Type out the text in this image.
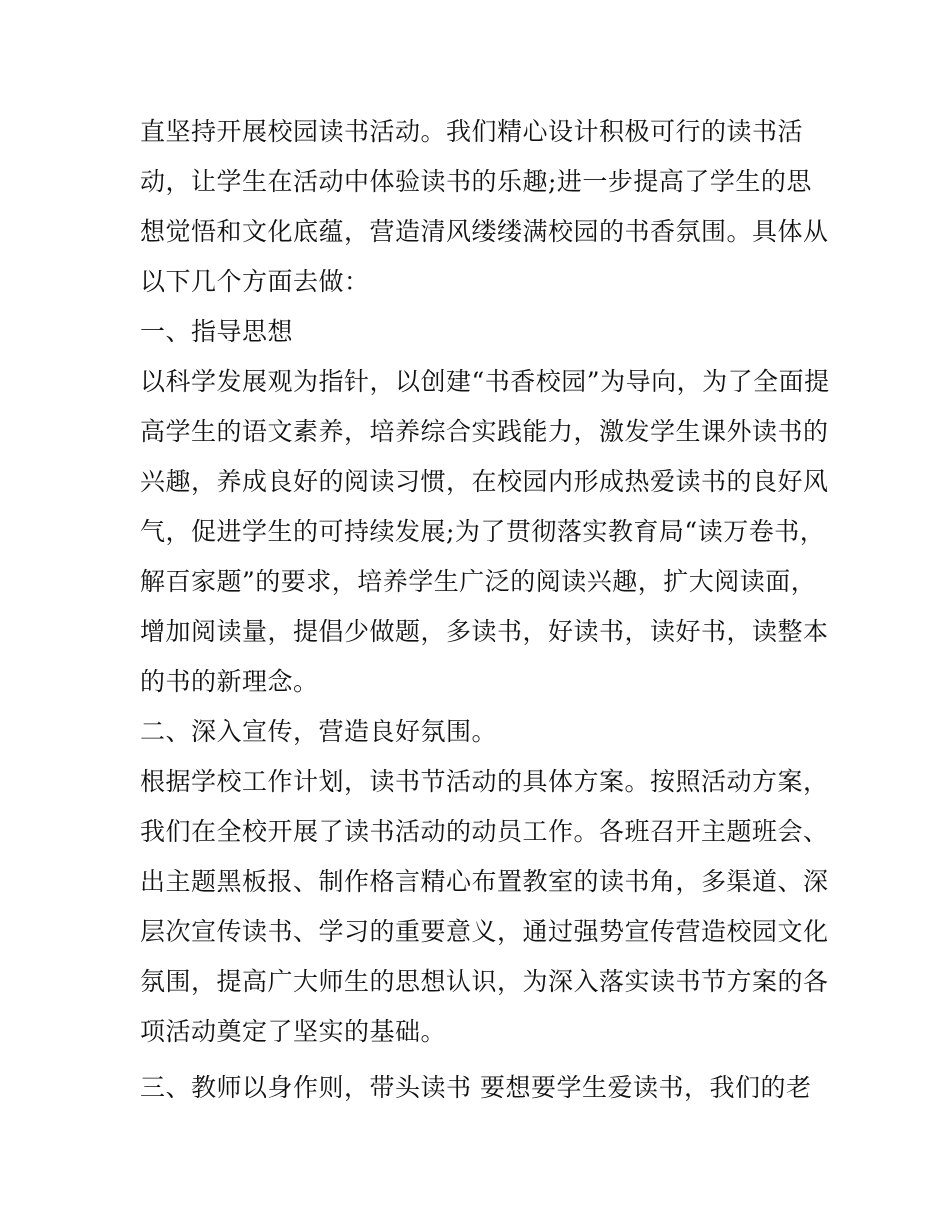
直坚持开展校园读书活动。我们精心设计积极可行的读书活
动，让学生在活动中体验读书的乐趣;进一步提高了学生的思
想觉悟和文化底蕴，营造清风缕缕满校园的书香氛围。具体从
以下几个方面去做：
一、指导思想
以科学发展观为指针，以创建“书香校园”为导向，为了全面提
高学生的语文素养，培养综合实践能力，激发学生课外读书的
兴趣，养成良好的阅读习惯，在校园内形成热爱读书的良好风
气，促进学生的可持续发展;为了贯彻落实教育局“读万卷书，
解百家题”的要求，培养学生广泛的阅读兴趣，扩大阅读面，
增加阅读量，提倡少做题，多读书，好读书，读好书，读整本
的书的新理念。
二、深入宣传，营造良好氛围。
根据学校工作计划，读书节活动的具体方案。按照活动方案，
我们在全校开展了读书活动的动员工作。各班召开主题班会、
出主题黑板报、制作格言精心布置教室的读书角，多渠道、深
层次宣传读书、学习的重要意义，通过强势宣传营造校园文化
氛围，提高广大师生的思想认识，为深入落实读书节方案的各
项活动奠定了坚实的基础。
三、教师以身作则，带头读书 要想要学生爱读书，我们的老
